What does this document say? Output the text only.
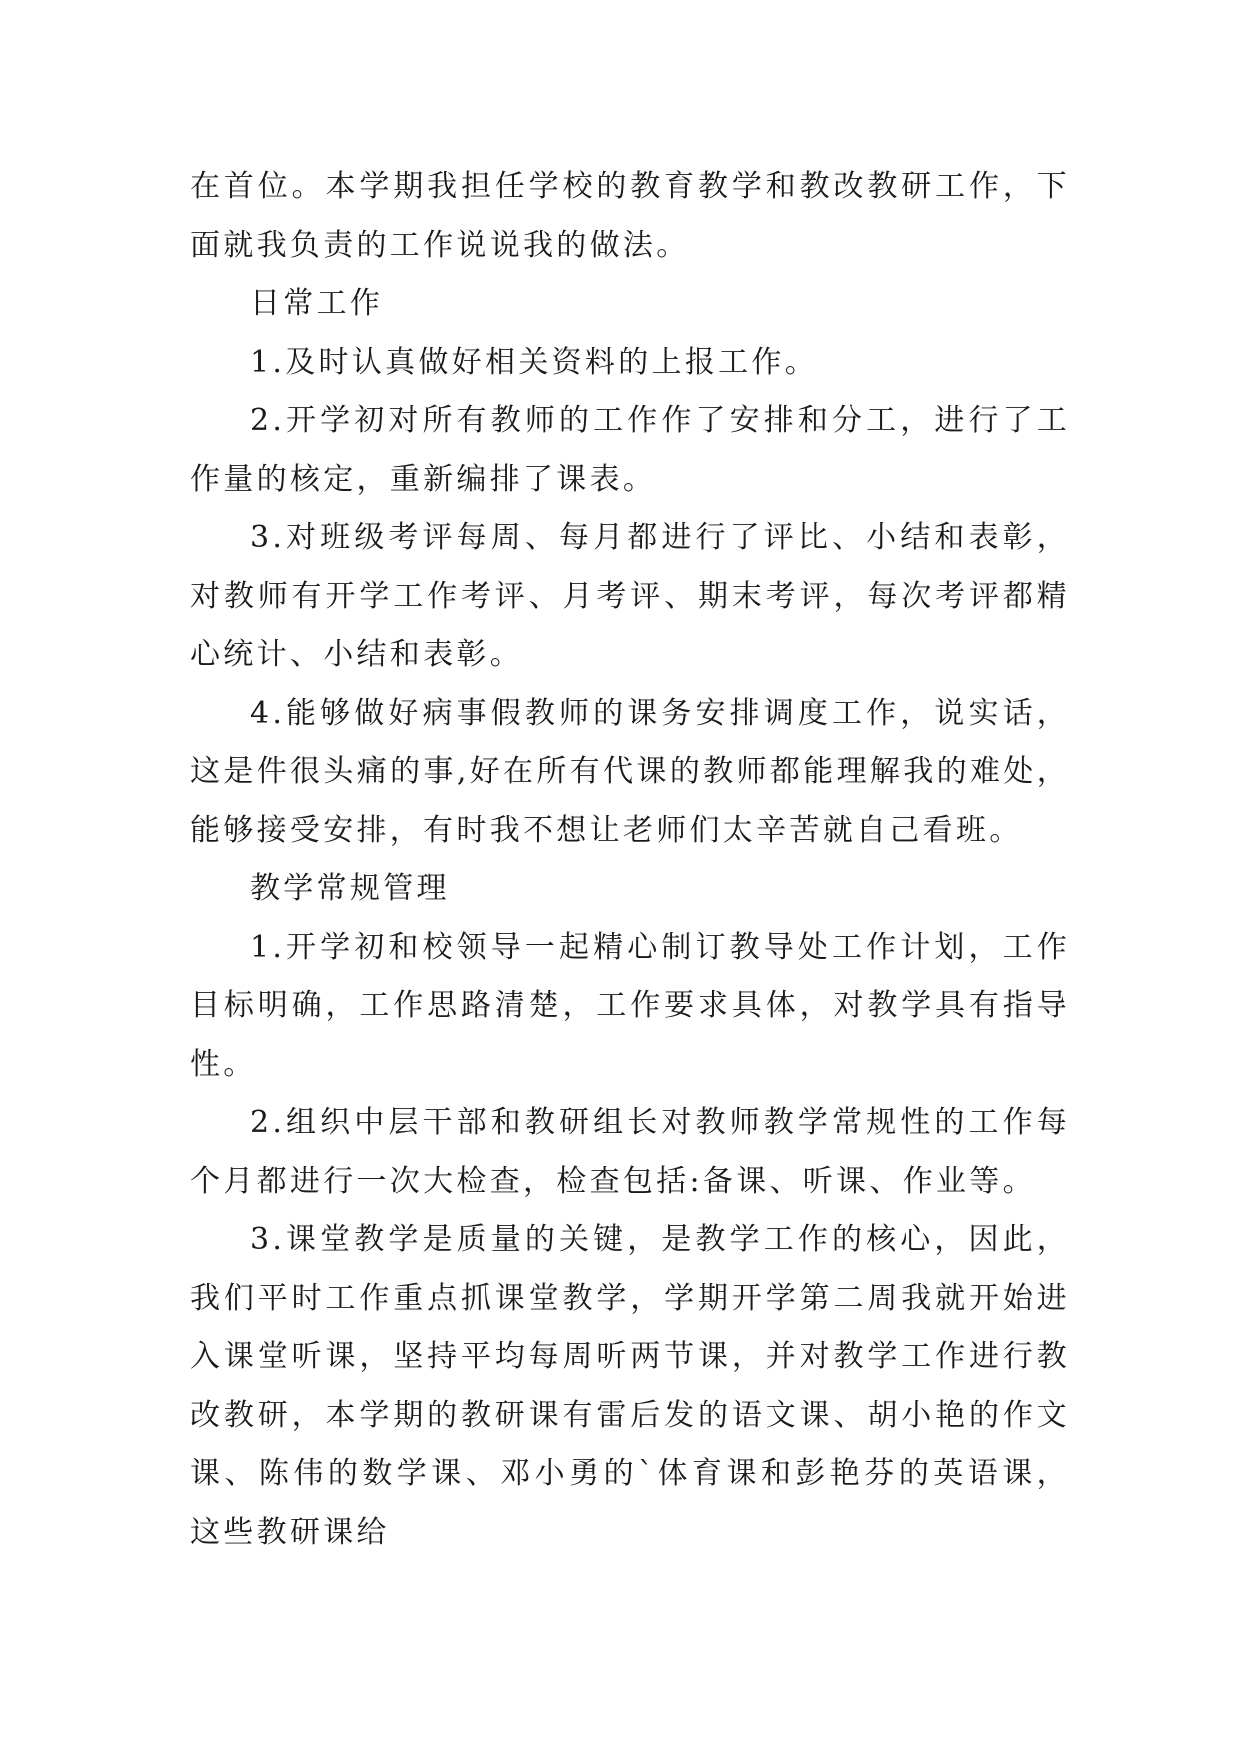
在首位。本学期我担任学校的教育教学和教改教研工作，下面就我负责的工作说说我的做法。

日常工作

1.及时认真做好相关资料的上报工作。

2.开学初对所有教师的工作作了安排和分工，进行了工作量的核定，重新编排了课表。

3.对班级考评每周、每月都进行了评比、小结和表彰，对教师有开学工作考评、月考评、期末考评，每次考评都精心统计、小结和表彰。

4.能够做好病事假教师的课务安排调度工作，说实话，这是件很头痛的事,好在所有代课的教师都能理解我的难处，能够接受安排，有时我不想让老师们太辛苦就自己看班。

教学常规管理

1.开学初和校领导一起精心制订教导处工作计划，工作目标明确，工作思路清楚，工作要求具体，对教学具有指导性。

2.组织中层干部和教研组长对教师教学常规性的工作每个月都进行一次大检查，检查包括:备课、听课、作业等。

3.课堂教学是质量的关键，是教学工作的核心，因此，我们平时工作重点抓课堂教学，学期开学第二周我就开始进入课堂听课，坚持平均每周听两节课，并对教学工作进行教改教研，本学期的教研课有雷后发的语文课、胡小艳的作文课、陈伟的数学课、邓小勇的`体育课和彭艳芬的英语课，这些教研课给
